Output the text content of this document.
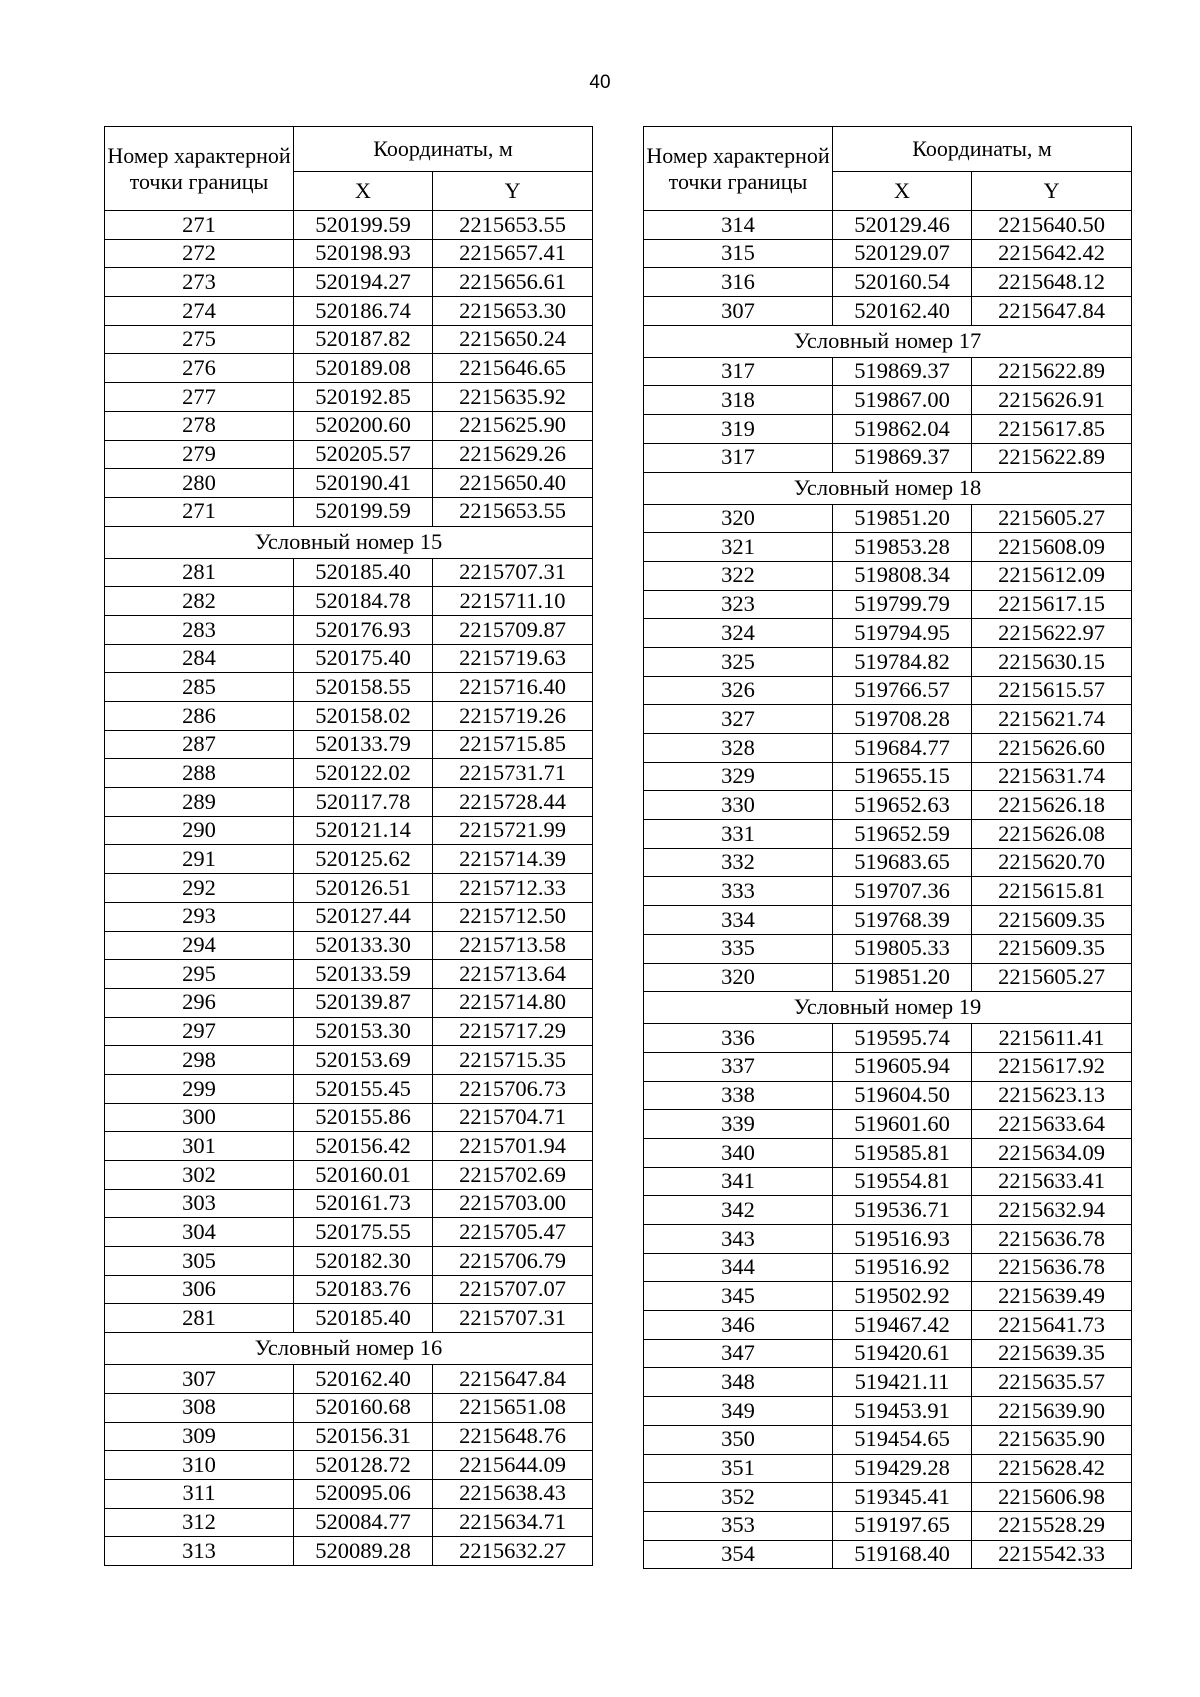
40
Номер характерной точки границы	Координаты, м	
	X	Y
271	520199.59	2215653.55
272	520198.93	2215657.41
273	520194.27	2215656.61
274	520186.74	2215653.30
275	520187.82	2215650.24
276	520189.08	2215646.65
277	520192.85	2215635.92
278	520200.60	2215625.90
279	520205.57	2215629.26
280	520190.41	2215650.40
271	520199.59	2215653.55
Условный номер 15		
281	520185.40	2215707.31
282	520184.78	2215711.10
283	520176.93	2215709.87
284	520175.40	2215719.63
285	520158.55	2215716.40
286	520158.02	2215719.26
287	520133.79	2215715.85
288	520122.02	2215731.71
289	520117.78	2215728.44
290	520121.14	2215721.99
291	520125.62	2215714.39
292	520126.51	2215712.33
293	520127.44	2215712.50
294	520133.30	2215713.58
295	520133.59	2215713.64
296	520139.87	2215714.80
297	520153.30	2215717.29
298	520153.69	2215715.35
299	520155.45	2215706.73
300	520155.86	2215704.71
301	520156.42	2215701.94
302	520160.01	2215702.69
303	520161.73	2215703.00
304	520175.55	2215705.47
305	520182.30	2215706.79
306	520183.76	2215707.07
281	520185.40	2215707.31
Условный номер 16		
307	520162.40	2215647.84
308	520160.68	2215651.08
309	520156.31	2215648.76
310	520128.72	2215644.09
311	520095.06	2215638.43
312	520084.77	2215634.71
313	520089.28	2215632.27
Номер характерной точки границы	Координаты, м	
	X	Y
314	520129.46	2215640.50
315	520129.07	2215642.42
316	520160.54	2215648.12
307	520162.40	2215647.84
Условный номер 17		
317	519869.37	2215622.89
318	519867.00	2215626.91
319	519862.04	2215617.85
317	519869.37	2215622.89
Условный номер 18		
320	519851.20	2215605.27
321	519853.28	2215608.09
322	519808.34	2215612.09
323	519799.79	2215617.15
324	519794.95	2215622.97
325	519784.82	2215630.15
326	519766.57	2215615.57
327	519708.28	2215621.74
328	519684.77	2215626.60
329	519655.15	2215631.74
330	519652.63	2215626.18
331	519652.59	2215626.08
332	519683.65	2215620.70
333	519707.36	2215615.81
334	519768.39	2215609.35
335	519805.33	2215609.35
320	519851.20	2215605.27
Условный номер 19		
336	519595.74	2215611.41
337	519605.94	2215617.92
338	519604.50	2215623.13
339	519601.60	2215633.64
340	519585.81	2215634.09
341	519554.81	2215633.41
342	519536.71	2215632.94
343	519516.93	2215636.78
344	519516.92	2215636.78
345	519502.92	2215639.49
346	519467.42	2215641.73
347	519420.61	2215639.35
348	519421.11	2215635.57
349	519453.91	2215639.90
350	519454.65	2215635.90
351	519429.28	2215628.42
352	519345.41	2215606.98
353	519197.65	2215528.29
354	519168.40	2215542.33
